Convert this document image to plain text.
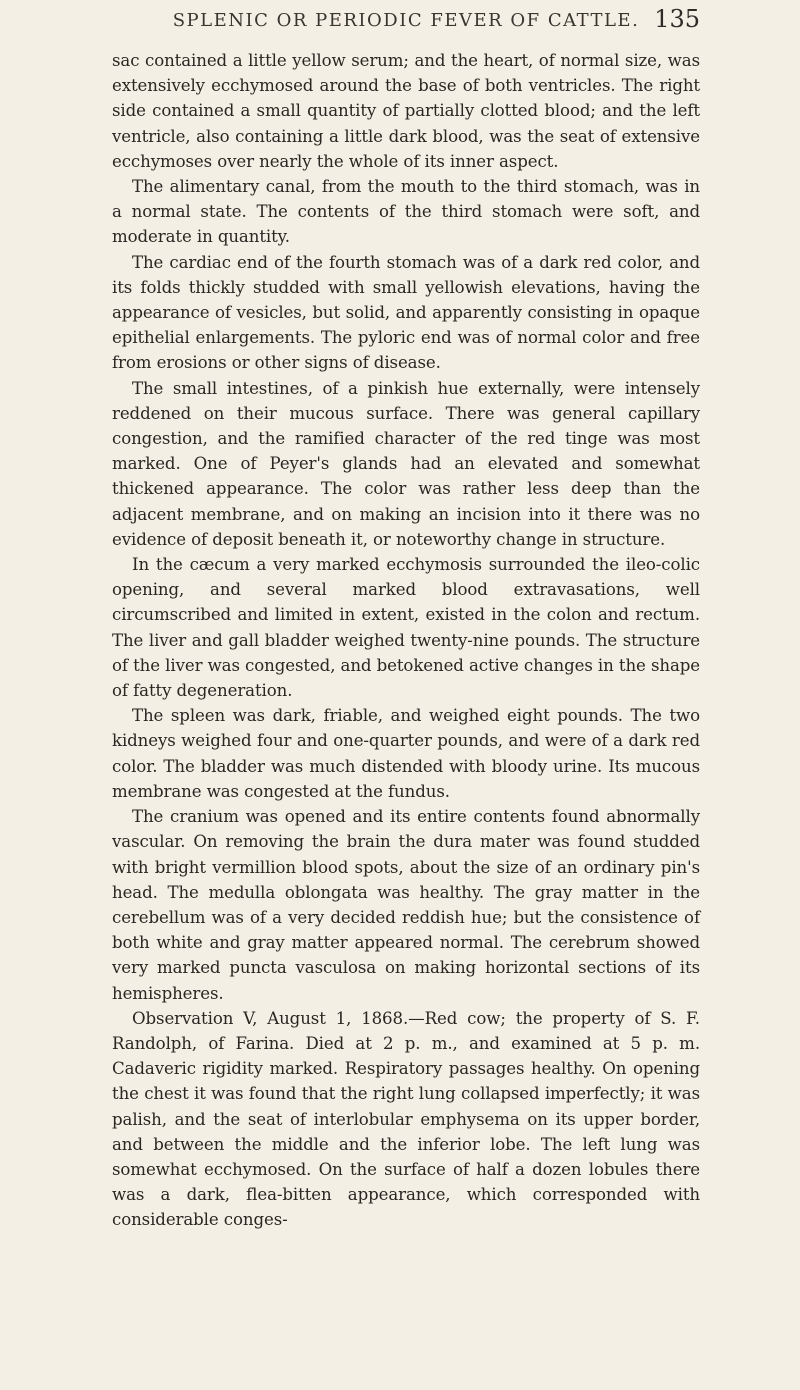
SPLENIC OR PERIODIC FEVER OF CATTLE. 135

sac contained a little yellow serum; and the heart, of normal size, was extensively ecchymosed around the base of both ventricles. The right side contained a small quantity of partially clotted blood; and the left ventricle, also containing a little dark blood, was the seat of extensive ecchymoses over nearly the whole of its inner aspect.

The alimentary canal, from the mouth to the third stomach, was in a normal state. The contents of the third stomach were soft, and moderate in quantity.

The cardiac end of the fourth stomach was of a dark red color, and its folds thickly studded with small yellowish elevations, having the appearance of vesicles, but solid, and apparently consisting in opaque epithelial enlargements. The pyloric end was of normal color and free from erosions or other signs of disease.

The small intestines, of a pinkish hue externally, were intensely reddened on their mucous surface. There was general capillary congestion, and the ramified character of the red tinge was most marked. One of Peyer's glands had an elevated and somewhat thickened appearance. The color was rather less deep than the adjacent membrane, and on making an incision into it there was no evidence of deposit beneath it, or noteworthy change in structure.

In the cæcum a very marked ecchymosis surrounded the ileo-colic opening, and several marked blood extravasations, well circumscribed and limited in extent, existed in the colon and rectum. The liver and gall bladder weighed twenty-nine pounds. The structure of the liver was congested, and betokened active changes in the shape of fatty degeneration.

The spleen was dark, friable, and weighed eight pounds. The two kidneys weighed four and one-quarter pounds, and were of a dark red color. The bladder was much distended with bloody urine. Its mucous membrane was congested at the fundus.

The cranium was opened and its entire contents found abnormally vascular. On removing the brain the dura mater was found studded with bright vermillion blood spots, about the size of an ordinary pin's head. The medulla oblongata was healthy. The gray matter in the cerebellum was of a very decided reddish hue; but the consistence of both white and gray matter appeared normal. The cerebrum showed very marked puncta vasculosa on making horizontal sections of its hemispheres.

Observation V, August 1, 1868.—Red cow; the property of S. F. Randolph, of Farina. Died at 2 p. m., and examined at 5 p. m. Cadaveric rigidity marked. Respiratory passages healthy. On opening the chest it was found that the right lung collapsed imperfectly; it was palish, and the seat of interlobular emphysema on its upper border, and between the middle and the inferior lobe. The left lung was somewhat ecchymosed. On the surface of half a dozen lobules there was a dark, flea-bitten appearance, which corresponded with considerable conges-
